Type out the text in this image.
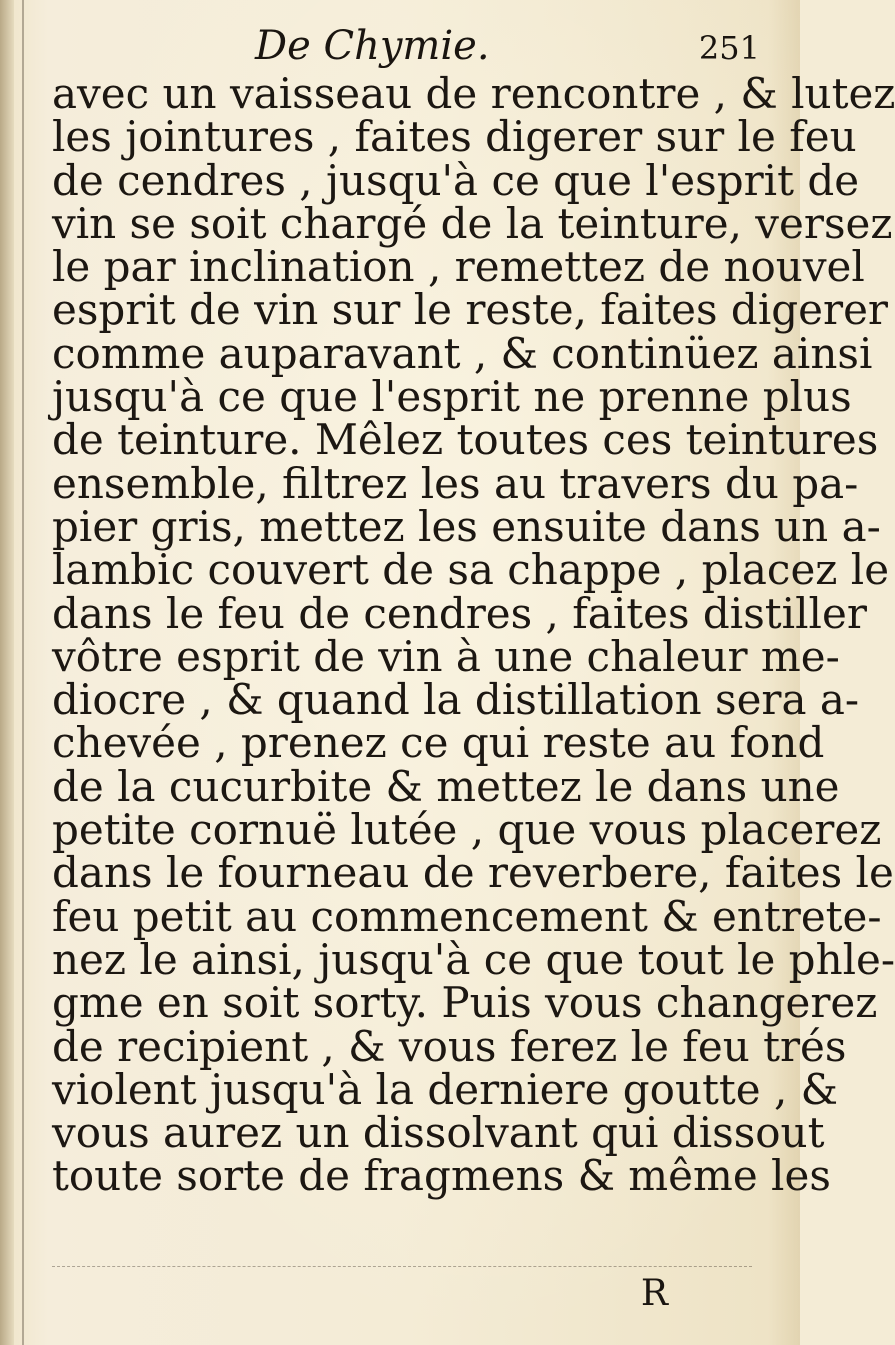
De Chymie.	251
avec un vaisseau de rencontre , & lutez
les jointures , faites digerer sur le feu
de cendres , jusqu'à ce que l'esprit de
vin se soit chargé de la teinture, versez
le par inclination , remettez de nouvel
esprit de vin sur le reste, faites digerer
comme auparavant , & continüez ainsi
jusqu'à ce que l'esprit ne prenne plus
de teinture. Mêlez toutes ces teintures
ensemble, filtrez les au travers du pa-
pier gris, mettez les ensuite dans un a-
lambic couvert de sa chappe , placez le
dans le feu de cendres , faites distiller
vôtre esprit de vin à une chaleur me-
diocre , & quand la distillation sera a-
chevée , prenez ce qui reste au fond
de la cucurbite & mettez le dans une
petite cornuë lutée , que vous placerez
dans le fourneau de reverbere, faites le
feu petit au commencement & entrete-
nez le ainsi, jusqu'à ce que tout le phle-
gme en soit sorty. Puis vous changerez
de recipient , & vous ferez le feu trés
violent jusqu'à la derniere goutte , &
vous aurez un dissolvant qui dissout
toute sorte de fragmens & même les
R
